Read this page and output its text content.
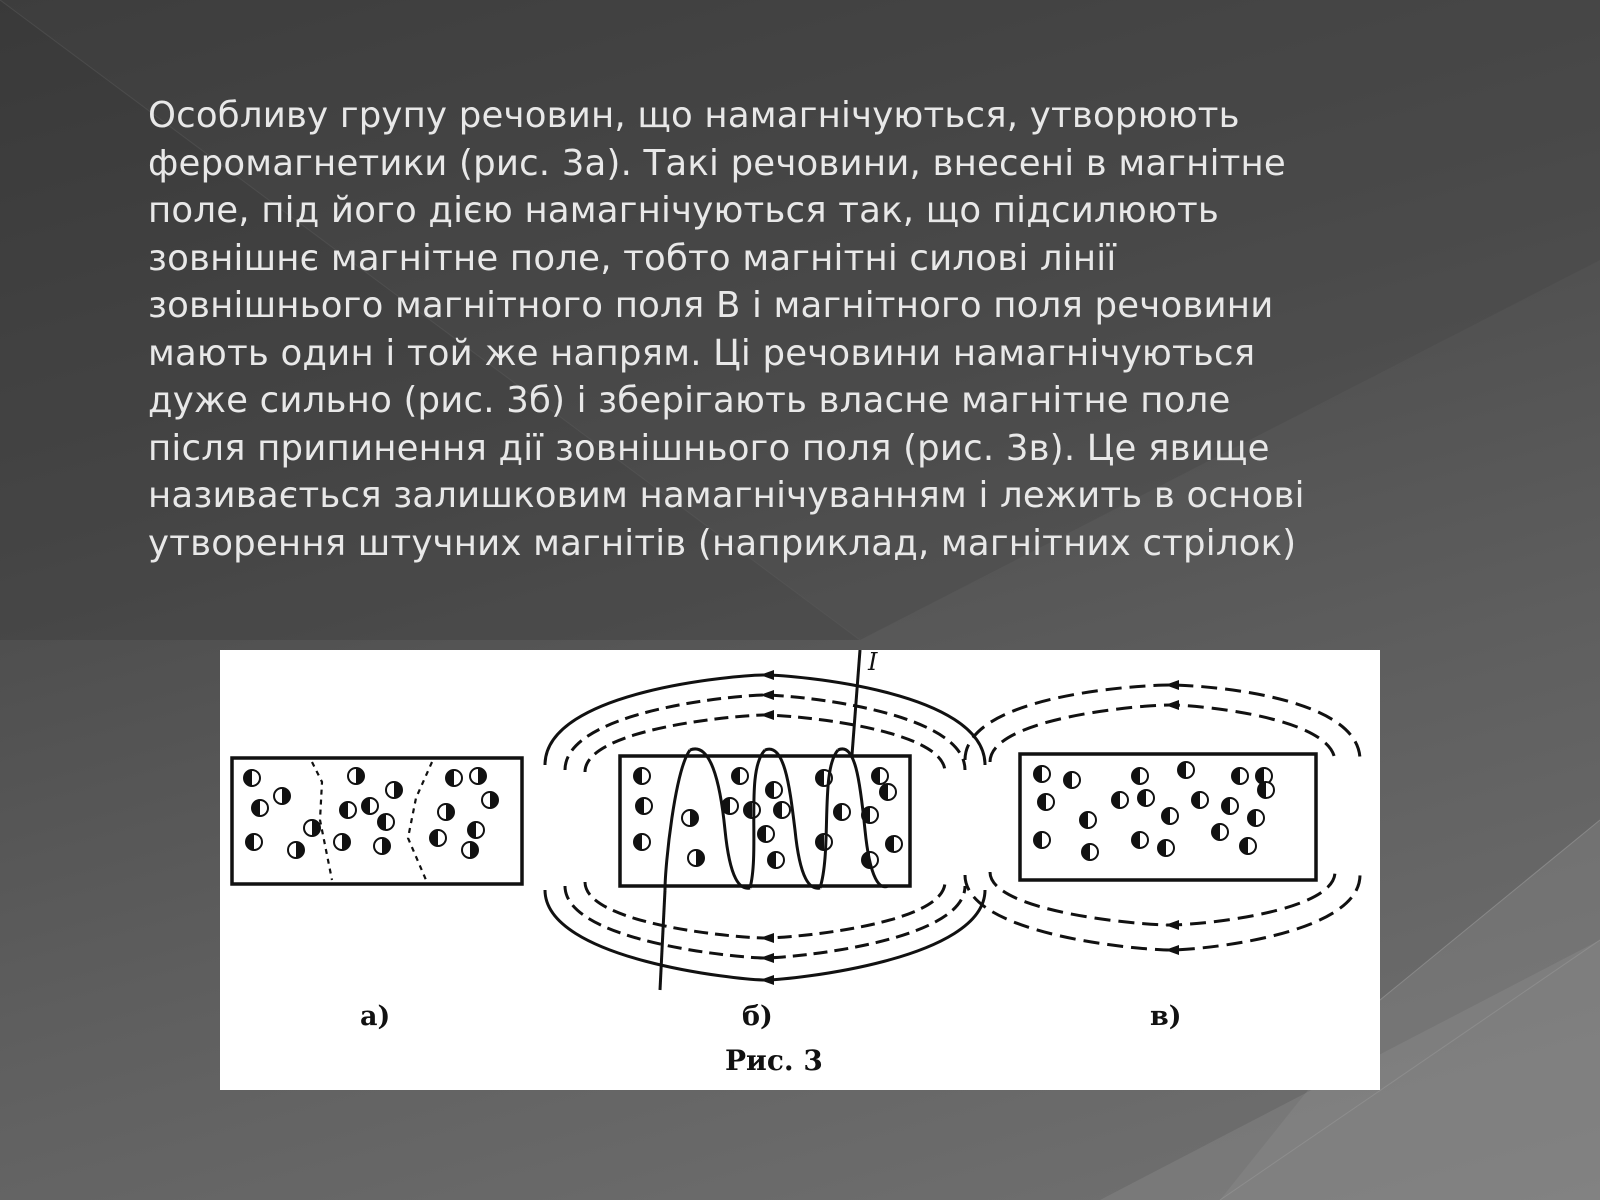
Особливу групу речовин, що намагнічуються, утворюють
феромагнетики (рис. 3а). Такі речовини, внесені в магнітне
поле, під його дією намагнічуються так, що підсилюють
зовнішнє магнітне поле, тобто магнітні силові лінії
зовнішнього магнітного поля В і магнітного поля речовини
мають один і той же напрям. Ці речовини намагнічуються
дуже сильно (рис. 3б) і зберігають власне магнітне поле
після припинення дії зовнішнього поля (рис. 3в). Це явище
називається залишковим намагнічуванням і лежить в основі
утворення штучних магнітів (наприклад, магнітних стрілок)

I
а)	б)	в)
Рис. 3
